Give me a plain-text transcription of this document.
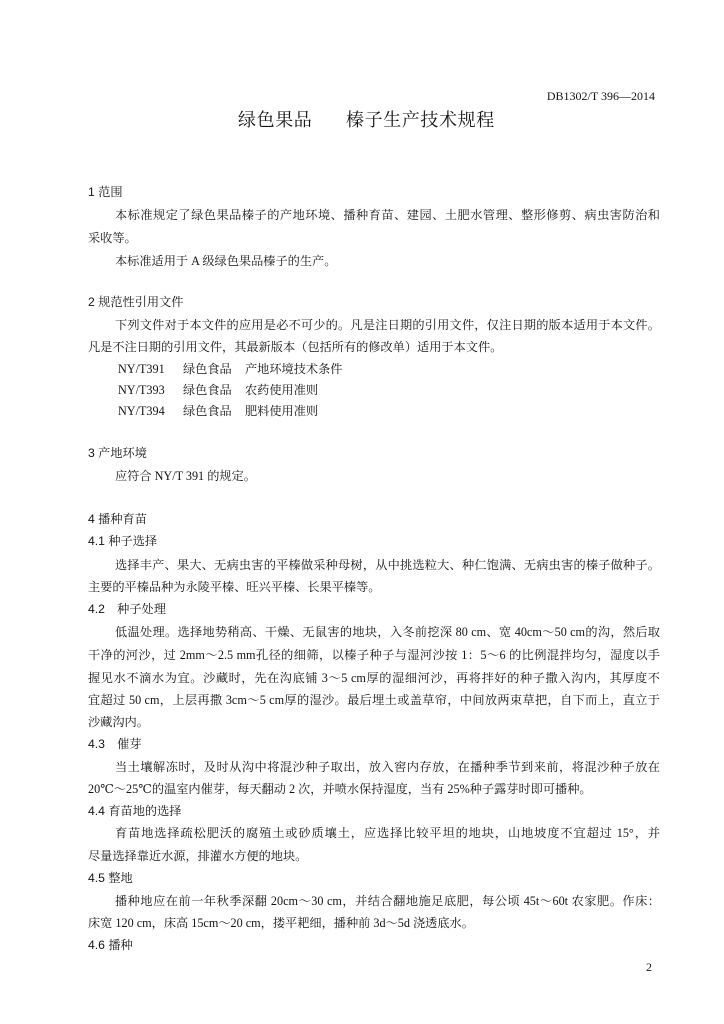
DB1302/T 396—2014
绿色果品 榛子生产技术规程
1 范围
本标准规定了绿色果品榛子的产地环境、播种育苗、建园、土肥水管理、整形修剪、病虫害防治和
采收等。
本标准适用于 A 级绿色果品榛子的生产。
2 规范性引用文件
下列文件对于本文件的应用是必不可少的。凡是注日期的引用文件，仅注日期的版本适用于本文件。
凡是不注日期的引用文件，其最新版本（包括所有的修改单）适用于本文件。
NY/T391 绿色食品 产地环境技术条件
NY/T393 绿色食品 农药使用准则
NY/T394 绿色食品 肥料使用准则
3 产地环境
应符合 NY/T 391 的规定。
4 播种育苗
4.1 种子选择
选择丰产、果大、无病虫害的平榛做采种母树，从中挑选粒大、种仁饱满、无病虫害的榛子做种子。
主要的平榛品种为永陵平榛、旺兴平榛、长果平榛等。
4.2　种子处理
低温处理。选择地势稍高、干燥、无鼠害的地块，入冬前挖深 80 cm、宽 40cm～50 cm的沟，然后取
干净的河沙，过 2mm～2.5 mm孔径的细筛，以榛子种子与湿河沙按 1：5～6 的比例混拌均匀，湿度以手
握见水不滴水为宜。沙藏时，先在沟底铺 3～5 cm厚的湿细河沙，再将拌好的种子撒入沟内，其厚度不
宜超过 50 cm，上层再撒 3cm～5 cm厚的湿沙。最后埋土或盖草帘，中间放两束草把，自下而上，直立于
沙藏沟内。
4.3　催芽
当土壤解冻时，及时从沟中将混沙种子取出，放入窖内存放，在播种季节到来前，将混沙种子放在
20℃～25℃的温室内催芽，每天翻动 2 次，并喷水保持湿度，当有 25%种子露芽时即可播种。
4.4 育苗地的选择
育苗地选择疏松肥沃的腐殖土或砂质壤土，应选择比较平坦的地块，山地坡度不宜超过 15°，并
尽量选择靠近水源，排灌水方便的地块。
4.5 整地
播种地应在前一年秋季深翻 20cm～30 cm，并结合翻地施足底肥，每公顷 45t～60t 农家肥。作床：
床宽 120 cm，床高 15cm～20 cm，搂平耙细，播种前 3d～5d 浇透底水。
4.6 播种
2
